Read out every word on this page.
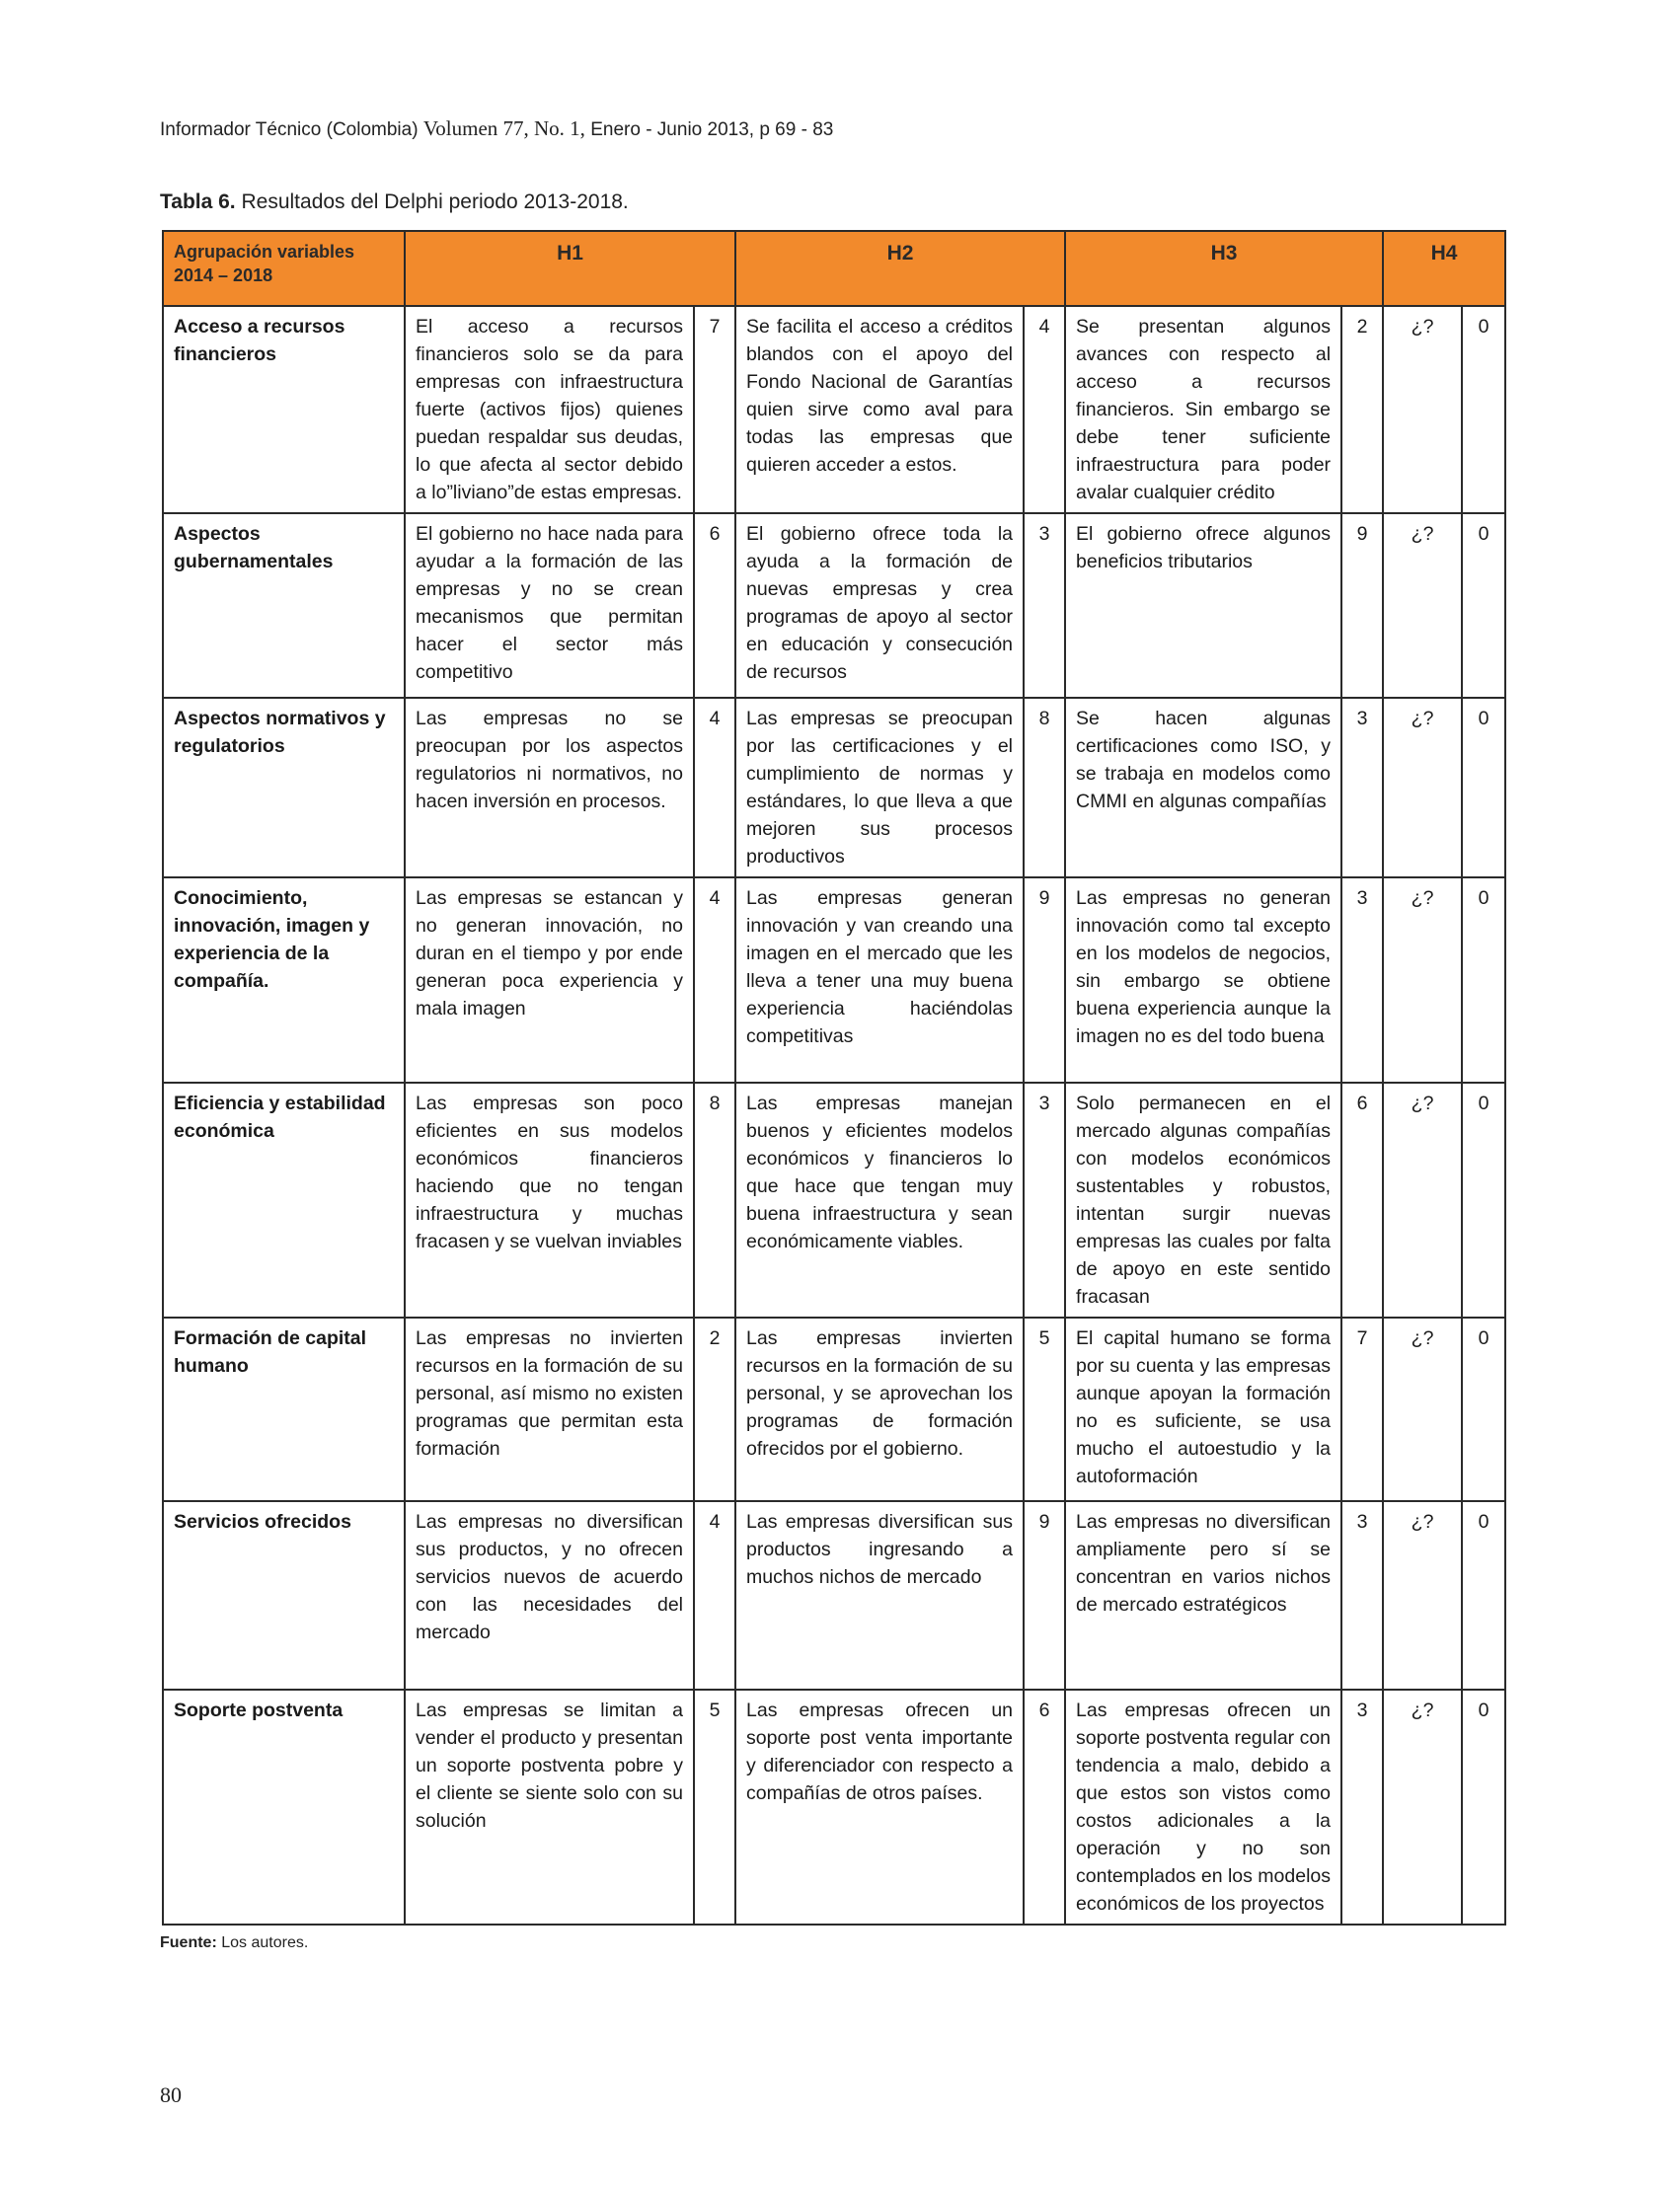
Informador Técnico (Colombia) Volumen 77, No. 1, Enero - Junio 2013, p 69 - 83
Tabla 6. Resultados del Delphi periodo 2013-2018.
Agrupación variables 2014 – 2018	H1		H2		H3		H4	
Acceso a recursos financieros	El acceso a recursos financieros solo se da para empresas con infraestructura fuerte (activos fijos) quienes puedan respaldar sus deudas, lo que afecta al sector debido a lo”liviano”de estas empresas.	7	Se facilita el acceso a créditos blandos con el apoyo del Fondo Nacional de Garantías quien sirve como aval para todas las empresas que quieren acceder a estos.	4	Se presentan algunos avances con respecto al acceso a recursos financieros. Sin embargo se debe tener suficiente infraestructura para poder avalar cualquier crédito	2	¿?	0
Aspectos gubernamentales	El gobierno no hace nada para ayudar a la formación de las empresas y no se crean mecanismos que permitan hacer el sector más competitivo	6	El gobierno ofrece toda la ayuda a la formación de nuevas empresas y crea programas de apoyo al sector en educación y consecución de recursos	3	El gobierno ofrece algunos beneficios tributarios	9	¿?	0
Aspectos normativos y regulatorios	Las empresas no se preocupan por los aspectos regulatorios ni normativos, no hacen inversión en procesos.	4	Las empresas se preocupan por las certificaciones y el cumplimiento de normas y estándares, lo que lleva a que mejoren sus procesos productivos	8	Se hacen algunas certificaciones como ISO, y se trabaja en modelos como CMMI en algunas compañías	3	¿?	0
Conocimiento, innovación, imagen y experiencia de la compañía.	Las empresas se estancan y no generan innovación, no duran en el tiempo y por ende generan poca experiencia y mala imagen	4	Las empresas generan innovación y van creando una imagen en el mercado que les lleva a tener una muy buena experiencia haciéndolas competitivas	9	Las empresas no generan innovación como tal excepto en los modelos de negocios, sin embargo se obtiene buena experiencia aunque la imagen no es del todo buena	3	¿?	0
Eficiencia y estabilidad económica	Las empresas son poco eficientes en sus modelos económicos financieros haciendo que no tengan infraestructura y muchas fracasen y se vuelvan inviables	8	Las empresas manejan buenos y eficientes modelos económicos y financieros lo que hace que tengan muy buena infraestructura y sean económicamente viables.	3	Solo permanecen en el mercado algunas compañías con modelos económicos sustentables y robustos, intentan surgir nuevas empresas las cuales por falta de apoyo en este sentido fracasan	6	¿?	0
Formación de capital humano	Las empresas no invierten recursos en la formación de su personal, así mismo no existen programas que permitan esta formación	2	Las empresas invierten recursos en la formación de su personal, y se aprovechan los programas de formación ofrecidos por el gobierno.	5	El capital humano se forma por su cuenta y las empresas aunque apoyan la formación no es suficiente, se usa mucho el autoestudio y la autoformación	7	¿?	0
Servicios ofrecidos	Las empresas no diversifican sus productos, y no ofrecen servicios nuevos de acuerdo con las necesidades del mercado	4	Las empresas diversifican sus productos ingresando a muchos nichos de mercado	9	Las empresas no diversifican ampliamente pero sí se concentran en varios nichos de mercado estratégicos	3	¿?	0
Soporte postventa	Las empresas se limitan a vender el producto y presentan un soporte postventa pobre y el cliente se siente solo con su solución	5	Las empresas ofrecen un soporte post venta importante y diferenciador con respecto a compañías de otros países.	6	Las empresas ofrecen un soporte postventa regular con tendencia a malo, debido a que estos son vistos como costos adicionales a la operación y no son contemplados en los modelos económicos de los proyectos	3	¿?	0
Fuente: Los autores.
80
